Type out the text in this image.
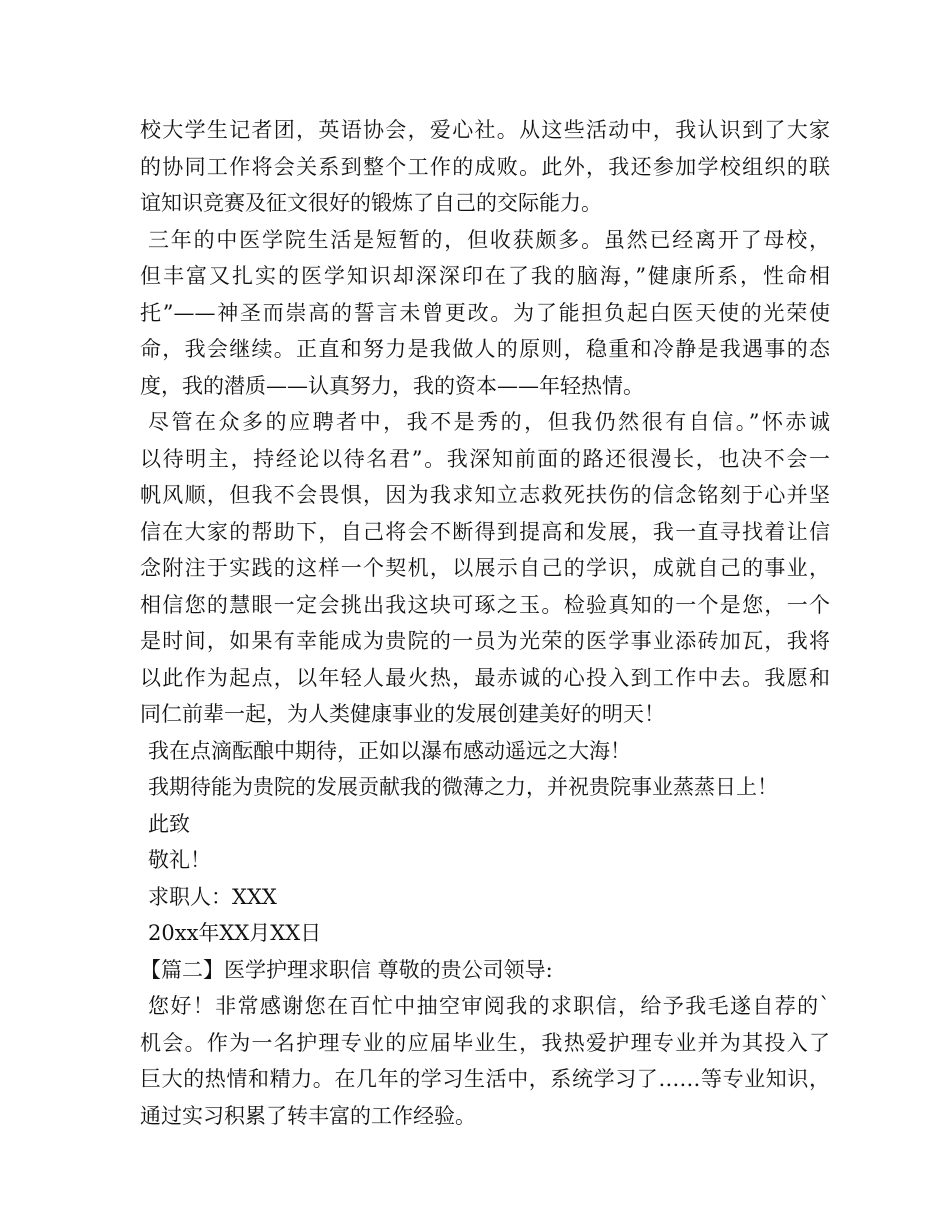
校大学生记者团，英语协会，爱心社。从这些活动中，我认识到了大家
的协同工作将会关系到整个工作的成败。此外，我还参加学校组织的联
谊知识竞赛及征文很好的锻炼了自己的交际能力。
三年的中医学院生活是短暂的，但收获颇多。虽然已经离开了母校，
但丰富又扎实的医学知识却深深印在了我的脑海，”健康所系，性命相
托”——神圣而崇高的誓言未曾更改。为了能担负起白医天使的光荣使
命，我会继续。正直和努力是我做人的原则，稳重和冷静是我遇事的态
度，我的潜质——认真努力，我的资本——年轻热情。
尽管在众多的应聘者中，我不是秀的，但我仍然很有自信。”怀赤诚
以待明主，持经论以待名君”。我深知前面的路还很漫长，也决不会一
帆风顺，但我不会畏惧，因为我求知立志救死扶伤的信念铭刻于心并坚
信在大家的帮助下，自己将会不断得到提高和发展，我一直寻找着让信
念附注于实践的这样一个契机，以展示自己的学识，成就自己的事业，
相信您的慧眼一定会挑出我这块可琢之玉。检验真知的一个是您，一个
是时间，如果有幸能成为贵院的一员为光荣的医学事业添砖加瓦，我将
以此作为起点，以年轻人最火热，最赤诚的心投入到工作中去。我愿和
同仁前辈一起，为人类健康事业的发展创建美好的明天！
我在点滴酝酿中期待，正如以瀑布感动遥远之大海！
我期待能为贵院的发展贡献我的微薄之力，并祝贵院事业蒸蒸日上！
此致
敬礼！
求职人：XXX
20xx年XX月XX日
【篇二】医学护理求职信 尊敬的贵公司领导:
您好！非常感谢您在百忙中抽空审阅我的求职信，给予我毛遂自荐的`
机会。作为一名护理专业的应届毕业生，我热爱护理专业并为其投入了
巨大的热情和精力。在几年的学习生活中，系统学习了……等专业知识，
通过实习积累了转丰富的工作经验。
